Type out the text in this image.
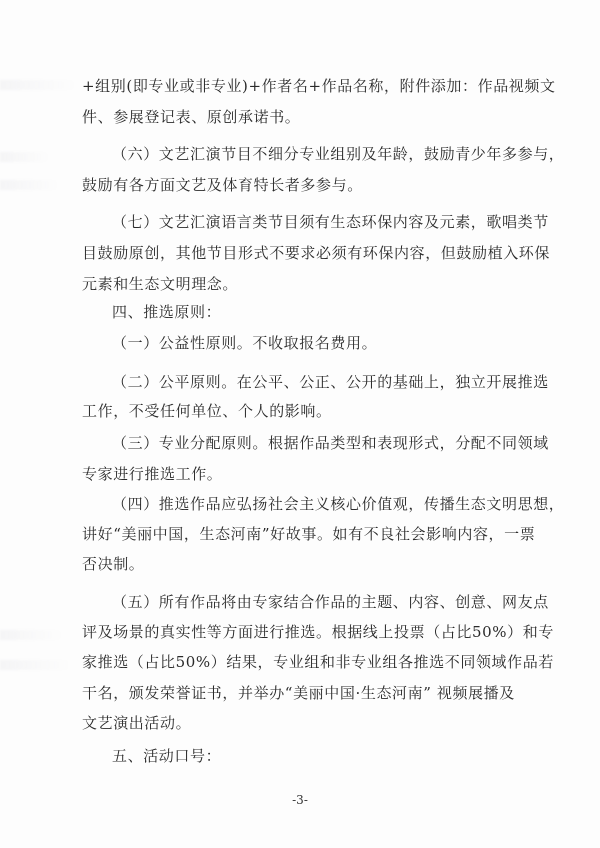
+组别(即专业或非专业)+作者名+作品名称，附件添加：作品视频文
件、参展登记表、原创承诺书。
（六）文艺汇演节目不细分专业组别及年龄，鼓励青少年多参与，
鼓励有各方面文艺及体育特长者多参与。
（七）文艺汇演语言类节目须有生态环保内容及元素，歌唱类节
目鼓励原创，其他节目形式不要求必须有环保内容，但鼓励植入环保
元素和生态文明理念。
四、推选原则：
（一）公益性原则。不收取报名费用。
（二）公平原则。在公平、公正、公开的基础上，独立开展推选
工作，不受任何单位、个人的影响。
（三）专业分配原则。根据作品类型和表现形式，分配不同领域
专家进行推选工作。
（四）推选作品应弘扬社会主义核心价值观，传播生态文明思想，
讲好“美丽中国，生态河南”好故事。如有不良社会影响内容，一票
否决制。
（五）所有作品将由专家结合作品的主题、内容、创意、网友点
评及场景的真实性等方面进行推选。根据线上投票（占比50%）和专
家推选（占比50%）结果，专业组和非专业组各推选不同领域作品若
干名，颁发荣誉证书，并举办“美丽中国·生态河南” 视频展播及
文艺演出活动。
五、活动口号：
-3-
